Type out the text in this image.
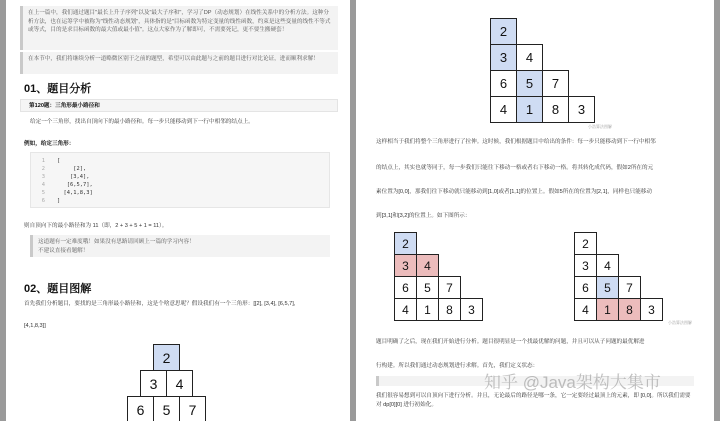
在上一篇中，我们通过题目"最长上升子序列"以及"最大子序和"，学习了DP（动态规划）在线性关系中的分析方法。这种分析方法，也在运筹学中被称为"线性动态规划"，具体指的是"目标函数为特定变量的线性函数，约束是这些变量的线性不等式或等式，目的是求目标函数的最大值或最小值"。这点大家作为了解即可，不需要死记，更不要生搬硬套！
在本节中，我们将继续分析一道略微区别于之前的题型，希望可以由此题与之前的题目进行对比论证，进而顺利求解！
01、题目分析
第120题：三角形最小路径和
给定一个三角形，找出自顶向下的最小路径和。每一步只能移动到下一行中相邻的结点上。
例如，给定三角形：
1
2
3
4
5
6
[
[2],
[3,4],
[6,5,7],
[4,1,8,3]
]
则自顶向下的最小路径和为 11（即，2 + 3 + 5 + 1 = 11）。
这道题有一定难度哦！如果没有思路请回顾上一篇的学习内容！
不建议直接看题解！
02、题目图解
首先我们分析题目，要找的是三角形最小路径和，这是个啥意思呢？假设我们有一个三角形：[[2], [3,4], [6,5,7],
[4,1,8,3]]
2
3	4
6	5	7
2
3	4
6	5	7
4	1	8	3
小浩算法图解
这样相当于我们将整个三角形进行了拉伸。这时候，我们根据题目中给出的条件：每一步只能移动到下一行中相邻
的结点上，其实也就等同于，每一步我们只能往下移动一格或者右下移动一格。将其转化成代码，假如2所在的元
素位置为[0,0]，那我们往下移动就只能移动到[1,0]或者[1,1]的位置上。假如5所在的位置为[2,1]，同样也只能移动
到[3,1]和[3,2]的位置上。如下图所示：
2
3	4
6	5	7
4	1	8	3
2
3	4
6	5	7
4	1	8	3
小浩算法图解
题目明确了之后，现在我们开始进行分析。题目很明显是一个找最优解的问题，并且可以从子问题的最优解进
行构建。所以我们通过动态规划进行求解。首先，我们定义状态：
我们很容易想到可以自顶向下进行分析。并且，无论最后的路径是哪一条，它一定要经过最顶上的元素，即 [0,0]。所以我们需要对 dp[0][0] 进行初始化。
知乎 @Java架构大集市
